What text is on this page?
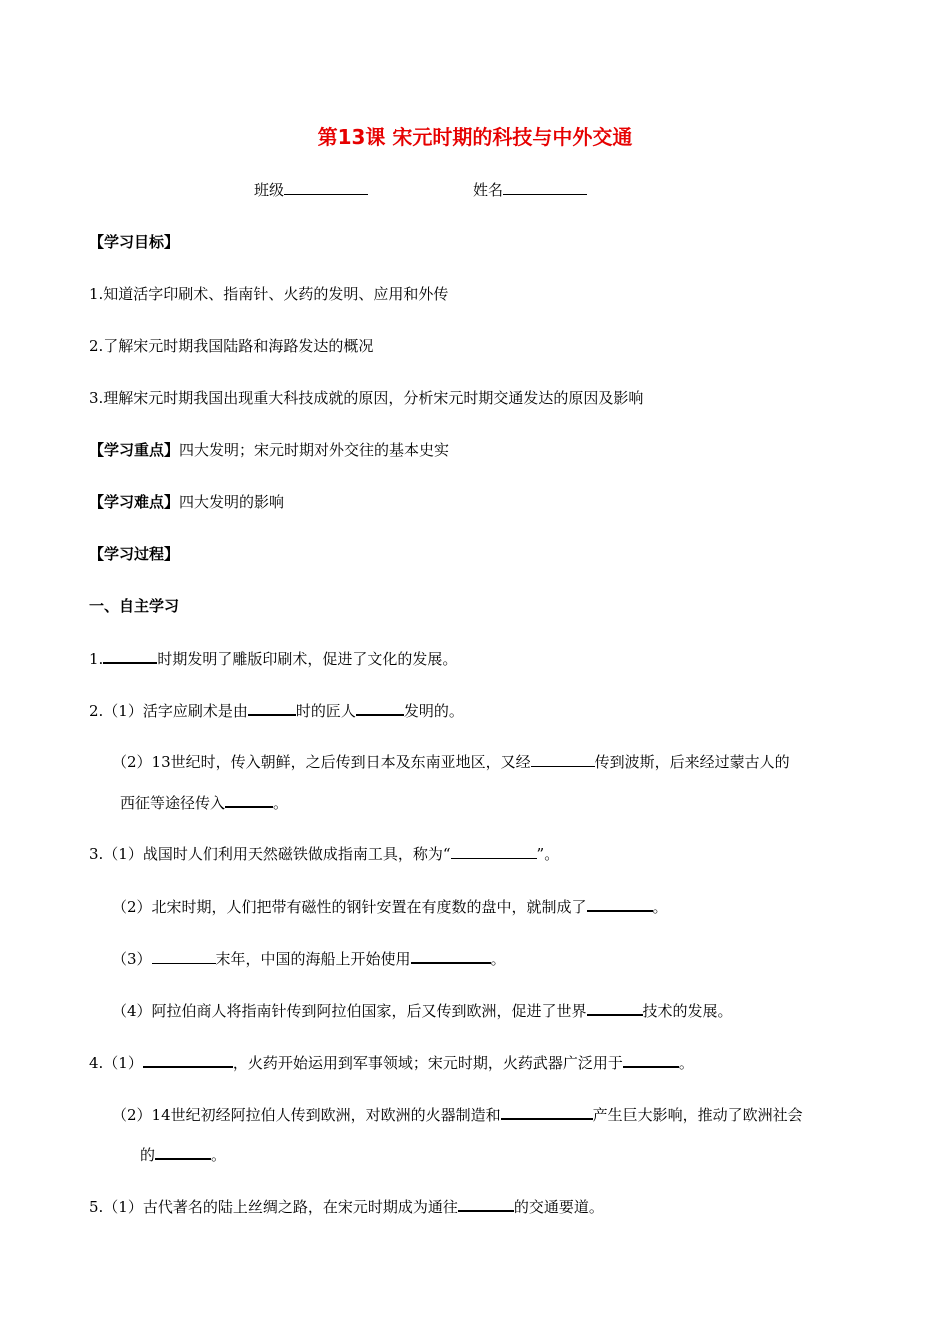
第13课 宋元时期的科技与中外交通
班级	姓名
【学习目标】
1.知道活字印刷术、指南针、火药的发明、应用和外传
2.了解宋元时期我国陆路和海路发达的概况
3.理解宋元时期我国出现重大科技成就的原因，分析宋元时期交通发达的原因及影响
【学习重点】四大发明；宋元时期对外交往的基本史实
【学习难点】四大发明的影响
【学习过程】
一、自主学习
1.	时期发明了雕版印刷术，促进了文化的发展。
2.（1）活字应刷术是由	时的匠人	发明的。
（2）13世纪时，传入朝鲜，之后传到日本及东南亚地区，又经	传到波斯，后来经过蒙古人的
西征等途径传入	。
3.（1）战国时人们利用天然磁铁做成指南工具，称为“	”。
（2）北宋时期，人们把带有磁性的钢针安置在有度数的盘中，就制成了	。
（3）	末年，中国的海船上开始使用	。
（4）阿拉伯商人将指南针传到阿拉伯国家，后又传到欧洲，促进了世界	技术的发展。
4.（1）	，火药开始运用到军事领域；宋元时期，火药武器广泛用于	。
（2）14世纪初经阿拉伯人传到欧洲，对欧洲的火器制造和	产生巨大影响，推动了欧洲社会
的	。
5.（1）古代著名的陆上丝绸之路，在宋元时期成为通往	的交通要道。
